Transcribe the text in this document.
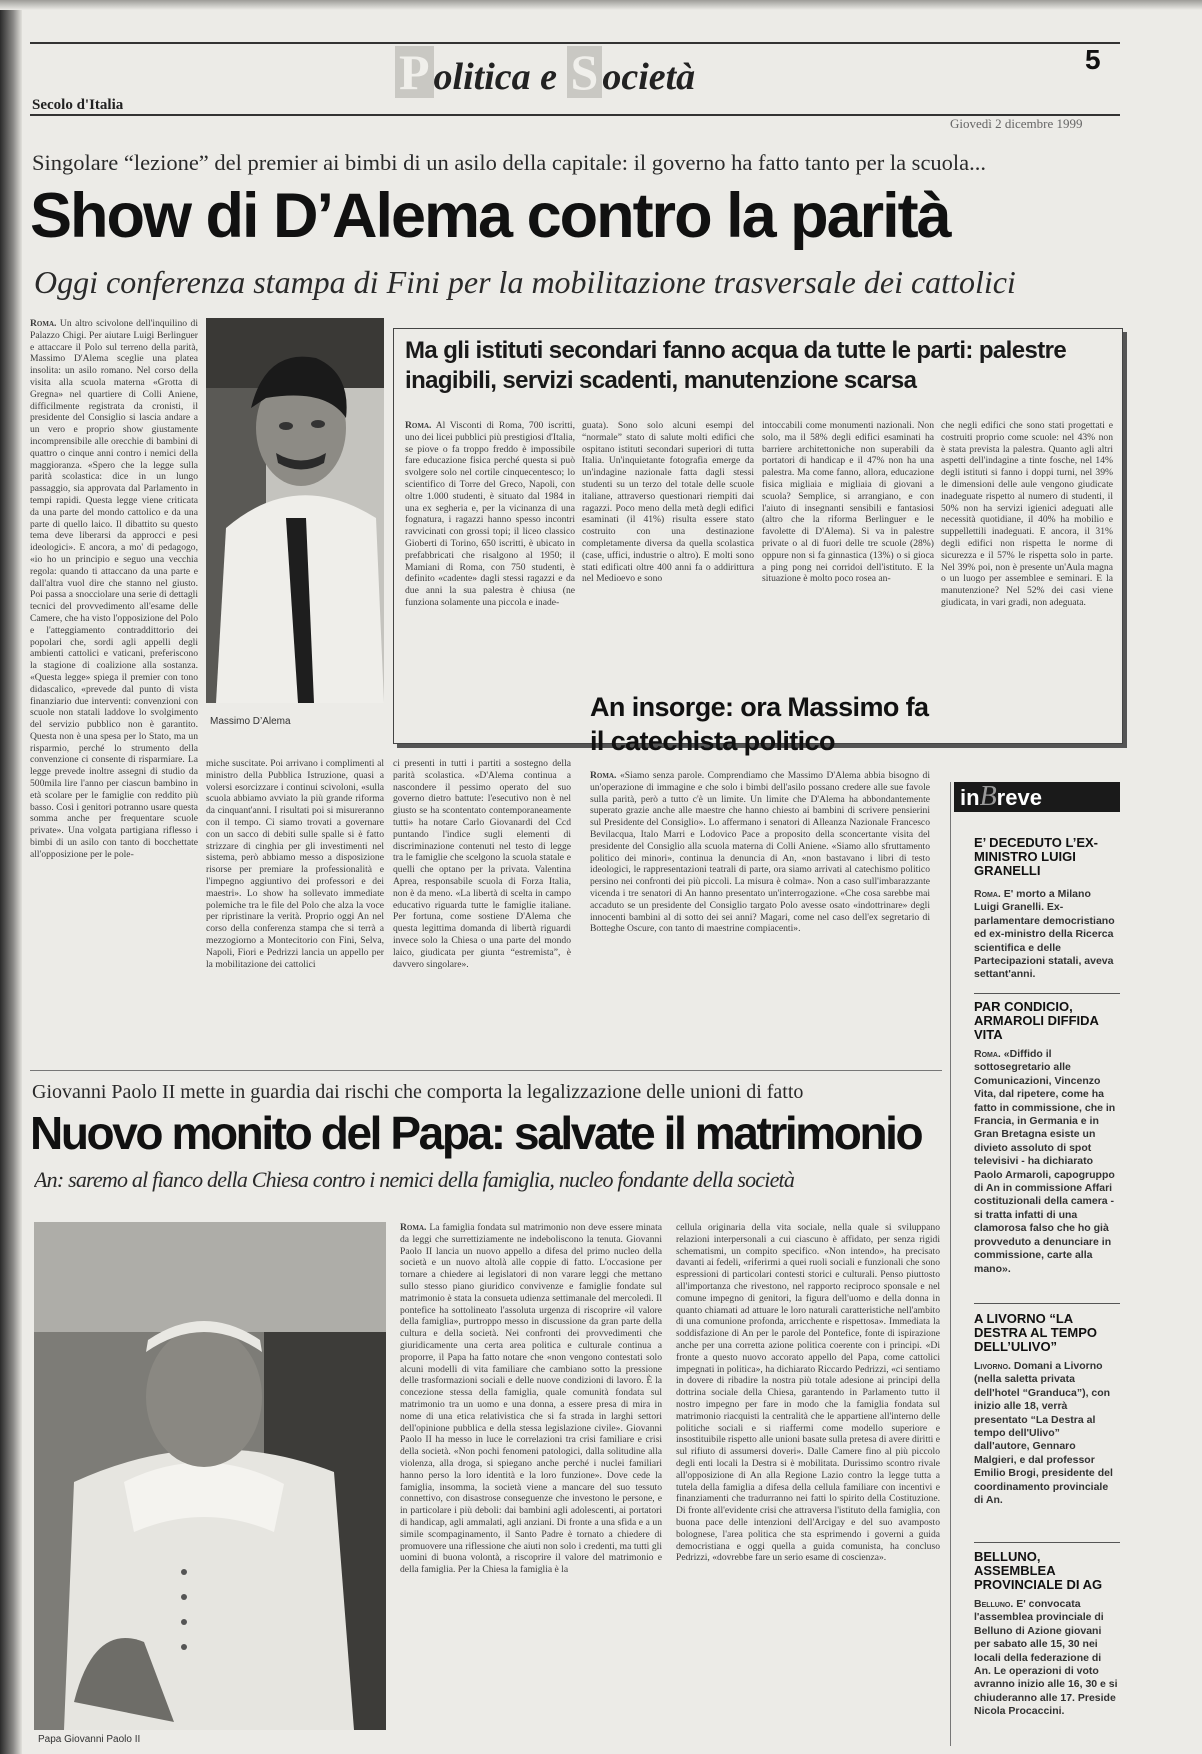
P olitica e S ocietà	5
Secolo d'Italia
Giovedì 2 dicembre 1999
Singolare “lezione” del premier ai bimbi di un asilo della capitale: il governo ha fatto tanto per la scuola...
Show di D’Alema contro la parità
Oggi conferenza stampa di Fini per la mobilitazione trasversale dei cattolici
Massimo D’Alema

Roma. Un altro scivolone dell'inquilino di Palazzo Chigi. Per aiutare Luigi Berlinguer e attaccare il Polo sul terreno della parità, Massimo D'Alema sceglie una platea insolita: un asilo romano. Nel corso della visita alla scuola materna «Grotta di Gregna» nel quartiere di Colli Aniene, difficilmente registrata da cronisti, il presidente del Consiglio si lascia andare a un vero e proprio show giustamente incomprensibile alle orecchie di bambini di quattro o cinque anni contro i nemici della maggioranza. «Spero che la legge sulla parità scolastica: dice in un lungo passaggio, sia approvata dal Parlamento in tempi rapidi. Questa legge viene criticata da una parte del mondo cattolico e da una parte di quello laico. Il dibattito su questo tema deve liberarsi da approcci e pesi ideologici». E ancora, a mo' di pedagogo, «io ho un principio e seguo una vecchia regola: quando ti attaccano da una parte e dall'altra vuol dire che stanno nel giusto. Poi passa a snocciolare una serie di dettagli tecnici del provvedimento all'esame delle Camere, che ha visto l'opposizione del Polo e l'atteggiamento contraddittorio dei popolari che, sordi agli appelli degli ambienti cattolici e vaticani, preferiscono la stagione di coalizione alla sostanza. «Questa legge» spiega il premier con tono didascalico, «prevede dal punto di vista finanziario due interventi: convenzioni con scuole non statali laddove lo svolgimento del servizio pubblico non è garantito. Questa non è una spesa per lo Stato, ma un risparmio, perché lo strumento della convenzione ci consente di risparmiare. La legge prevede inoltre assegni di studio da 500mila lire l'anno per ciascun bambino in età scolare per le famiglie con reddito più basso. Così i genitori potranno usare questa somma anche per frequentare scuole private». Una volgata partigiana riflesso i bimbi di un asilo con tanto di bocchettate all'opposizione per le pole-

miche suscitate. Poi arrivano i complimenti al ministro della Pubblica Istruzione, quasi a volersi esorcizzare i continui scivoloni, «sulla scuola abbiamo avviato la più grande riforma da cinquant'anni. I risultati poi si misureranno con il tempo. Ci siamo trovati a governare con un sacco di debiti sulle spalle si è fatto strizzare di cinghia per gli investimenti nel sistema, però abbiamo messo a disposizione risorse per premiare la professionalità e l'impegno aggiuntivo dei professori e dei maestri». Lo show ha sollevato immediate polemiche tra le file del Polo che alza la voce per ripristinare la verità. Proprio oggi An nel corso della conferenza stampa che si terrà a mezzogiorno a Montecitorio con Fini, Selva, Napoli, Fiori e Pedrizzi lancia un appello per la mobilitazione dei cattolici

ci presenti in tutti i partiti a sostegno della parità scolastica. «D'Alema continua a nascondere il pessimo operato del suo governo dietro battute: l'esecutivo non è nel giusto se ha scontentato contemporaneamente tutti» ha notare Carlo Giovanardi del Ccd puntando l'indice sugli elementi di discriminazione contenuti nel testo di legge tra le famiglie che scelgono la scuola statale e quelli che optano per la privata. Valentina Aprea, responsabile scuola di Forza Italia, non è da meno. «La libertà di scelta in campo educativo riguarda tutte le famiglie italiane. Per fortuna, come sostiene D'Alema che questa legittima domanda di libertà riguardi invece solo la Chiesa o una parte del mondo laico, giudicata per giunta “estremista”, è davvero singolare».

Ma gli istituti secondari fanno acqua da tutte le parti: palestre inagibili, servizi scadenti, manutenzione scarsa

Roma. Al Visconti di Roma, 700 iscritti, uno dei licei pubblici più prestigiosi d'Italia, se piove o fa troppo freddo è impossibile fare educazione fisica perché questa si può svolgere solo nel cortile cinquecentesco; lo scientifico di Torre del Greco, Napoli, con oltre 1.000 studenti, è situato dal 1984 in una ex segheria e, per la vicinanza di una fognatura, i ragazzi hanno spesso incontri ravvicinati con grossi topi; il liceo classico Gioberti di Torino, 650 iscritti, è ubicato in prefabbricati che risalgono al 1950; il Mamiani di Roma, con 750 studenti, è definito «cadente» dagli stessi ragazzi e da due anni la sua palestra è chiusa (ne funziona solamente una piccola e inade-

guata). Sono solo alcuni esempi del “normale” stato di salute molti edifici che ospitano istituti secondari superiori di tutta Italia. Un'inquietante fotografia emerge da un'indagine nazionale fatta dagli stessi studenti su un terzo del totale delle scuole italiane, attraverso questionari riempiti dai ragazzi. Poco meno della metà degli edifici esaminati (il 41%) risulta essere stato costruito con una destinazione completamente diversa da quella scolastica (case, uffici, industrie o altro). E molti sono stati edificati oltre 400 anni fa o addirittura nel Medioevo e sono

intoccabili come monumenti nazionali. Non solo, ma il 58% degli edifici esaminati ha barriere architettoniche non superabili da portatori di handicap e il 47% non ha una palestra. Ma come fanno, allora, educazione fisica migliaia e migliaia di giovani a scuola? Semplice, si arrangiano, e con l'aiuto di insegnanti sensibili e fantasiosi (altro che la riforma Berlinguer e le favolette di D'Alema). Si va in palestre private o al di fuori delle tre scuole (28%) oppure non si fa ginnastica (13%) o si gioca a ping pong nei corridoi dell'istituto. E la situazione è molto poco rosea an-

che negli edifici che sono stati progettati e costruiti proprio come scuole: nel 43% non è stata prevista la palestra. Quanto agli altri aspetti dell'indagine a tinte fosche, nel 14% degli istituti si fanno i doppi turni, nel 39% le dimensioni delle aule vengono giudicate inadeguate rispetto al numero di studenti, il 50% non ha servizi igienici adeguati alle necessità quotidiane, il 40% ha mobilio e suppellettili inadeguati. E ancora, il 31% degli edifici non rispetta le norme di sicurezza e il 57% le rispetta solo in parte. Nel 39% poi, non è presente un'Aula magna o un luogo per assemblee e seminari. E la manutenzione? Nel 52% dei casi viene giudicata, in vari gradi, non adeguata.

An insorge: ora Massimo fa il catechista politico

Roma. «Siamo senza parole. Comprendiamo che Massimo D'Alema abbia bisogno di un'operazione di immagine e che solo i bimbi dell'asilo possano credere alle sue favole sulla parità, però a tutto c'è un limite. Un limite che D'Alema ha abbondantemente superato grazie anche alle maestre che hanno chiesto ai bambini di scrivere pensierini sul Presidente del Consiglio». Lo affermano i senatori di Alleanza Nazionale Francesco Bevilacqua, Italo Marri e Lodovico Pace a proposito della sconcertante visita del presidente del Consiglio alla scuola materna di Colli Aniene. «Siamo allo sfruttamento politico dei minori», continua la denuncia di An, «non bastavano i libri di testo ideologici, le rappresentazioni teatrali di parte, ora siamo arrivati al catechismo politico persino nei confronti dei più piccoli. La misura è colma». Non a caso sull'imbarazzante vicenda i tre senatori di An hanno presentato un'interrogazione. «Che cosa sarebbe mai accaduto se un presidente del Consiglio targato Polo avesse osato «indottrinare» degli innocenti bambini al di sotto dei sei anni? Magari, come nel caso dell'ex segretario di Botteghe Oscure, con tanto di maestrine compiacenti».

Giovanni Paolo II mette in guardia dai rischi che comporta la legalizzazione delle unioni di fatto
Nuovo monito del Papa: salvate il matrimonio
An: saremo al fianco della Chiesa contro i nemici della famiglia, nucleo fondante della società
Papa Giovanni Paolo II

Roma. La famiglia fondata sul matrimonio non deve essere minata da leggi che surrettiziamente ne indeboliscono la tenuta. Giovanni Paolo II lancia un nuovo appello a difesa del primo nucleo della società e un nuovo altolà alle coppie di fatto. L'occasione per tornare a chiedere ai legislatori di non varare leggi che mettano sullo stesso piano giuridico convivenze e famiglie fondate sul matrimonio è stata la consueta udienza settimanale del mercoledì. Il pontefice ha sottolineato l'assoluta urgenza di riscoprire «il valore della famiglia», purtroppo messo in discussione da gran parte della cultura e della società. Nei confronti dei provvedimenti che giuridicamente una certa area politica e culturale continua a proporre, il Papa ha fatto notare che «non vengono contestati solo alcuni modelli di vita familiare che cambiano sotto la pressione delle trasformazioni sociali e delle nuove condizioni di lavoro. È la concezione stessa della famiglia, quale comunità fondata sul matrimonio tra un uomo e una donna, a essere presa di mira in nome di una etica relativistica che si fa strada in larghi settori dell'opinione pubblica e della stessa legislazione civile». Giovanni Paolo II ha messo in luce le correlazioni tra crisi familiare e crisi della società. «Non pochi fenomeni patologici, dalla solitudine alla violenza, alla droga, si spiegano anche perché i nuclei familiari hanno perso la loro identità e la loro funzione». Dove cede la famiglia, insomma, la società viene a mancare del suo tessuto connettivo, con disastrose conseguenze che investono le persone, e in particolare i più deboli: dai bambini agli adolescenti, ai portatori di handicap, agli ammalati, agli anziani. Di fronte a una sfida e a un simile scompaginamento, il Santo Padre è tornato a chiedere di promuovere una riflessione che aiuti non solo i credenti, ma tutti gli uomini di buona volontà, a riscoprire il valore del matrimonio e della famiglia. Per la Chiesa la famiglia è la

cellula originaria della vita sociale, nella quale si sviluppano relazioni interpersonali a cui ciascuno è affidato, per senza rigidi schematismi, un compito specifico. «Non intendo», ha precisato davanti ai fedeli, «riferirmi a quei ruoli sociali e funzionali che sono espressioni di particolari contesti storici e culturali. Penso piuttosto all'importanza che rivestono, nel rapporto reciproco sponsale e nel comune impegno di genitori, la figura dell'uomo e della donna in quanto chiamati ad attuare le loro naturali caratteristiche nell'ambito di una comunione profonda, arricchente e rispettosa». Immediata la soddisfazione di An per le parole del Pontefice, fonte di ispirazione anche per una corretta azione politica coerente con i principi. «Di fronte a questo nuovo accorato appello del Papa, come cattolici impegnati in politica», ha dichiarato Riccardo Pedrizzi, «ci sentiamo in dovere di ribadire la nostra più totale adesione ai principi della dottrina sociale della Chiesa, garantendo in Parlamento tutto il nostro impegno per fare in modo che la famiglia fondata sul matrimonio riacquisti la centralità che le appartiene all'interno delle politiche sociali e si riaffermi come modello superiore e insostituibile rispetto alle unioni basate sulla pretesa di avere diritti e sul rifiuto di assumersi doveri». Dalle Camere fino al più piccolo degli enti locali la Destra si è mobilitata. Durissimo scontro rivale all'opposizione di An alla Regione Lazio contro la legge tutta a tutela della famiglia a difesa della cellula familiare con incentivi e finanziamenti che tradurranno nei fatti lo spirito della Costituzione. Di fronte all'evidente crisi che attraversa l'istituto della famiglia, con buona pace delle intenzioni dell'Arcigay e del suo avamposto bolognese, l'area politica che sta esprimendo i governi a guida democristiana e oggi quella a guida comunista, ha concluso Pedrizzi, «dovrebbe fare un serio esame di coscienza».

inBreve

E’ DECEDUTO L’EX-MINISTRO LUIGI GRANELLI

Roma. E' morto a Milano Luigi Granelli. Ex-parlamentare democristiano ed ex-ministro della Ricerca scientifica e delle Partecipazioni statali, aveva settant'anni.

PAR CONDICIO, ARMAROLI DIFFIDA VITA

Roma. «Diffido il sottosegretario alle Comunicazioni, Vincenzo Vita, dal ripetere, come ha fatto in commissione, che in Francia, in Germania e in Gran Bretagna esiste un divieto assoluto di spot televisivi - ha dichiarato Paolo Armaroli, capogruppo di An in commissione Affari costituzionali della camera - si tratta infatti di una clamorosa falso che ho già provveduto a denunciare in commissione, carte alla mano».

A LIVORNO “LA DESTRA AL TEMPO DELL’ULIVO”

Livorno. Domani a Livorno (nella saletta privata dell'hotel “Granduca”), con inizio alle 18, verrà presentato “La Destra al tempo dell'Ulivo” dall'autore, Gennaro Malgieri, e dal professor Emilio Brogi, presidente del coordinamento provinciale di An.

BELLUNO, ASSEMBLEA PROVINCIALE DI AG

Belluno. E' convocata l'assemblea provinciale di Belluno di Azione giovani per sabato alle 15, 30 nei locali della federazione di An. Le operazioni di voto avranno inizio alle 16, 30 e si chiuderanno alle 17. Preside Nicola Procaccini.
